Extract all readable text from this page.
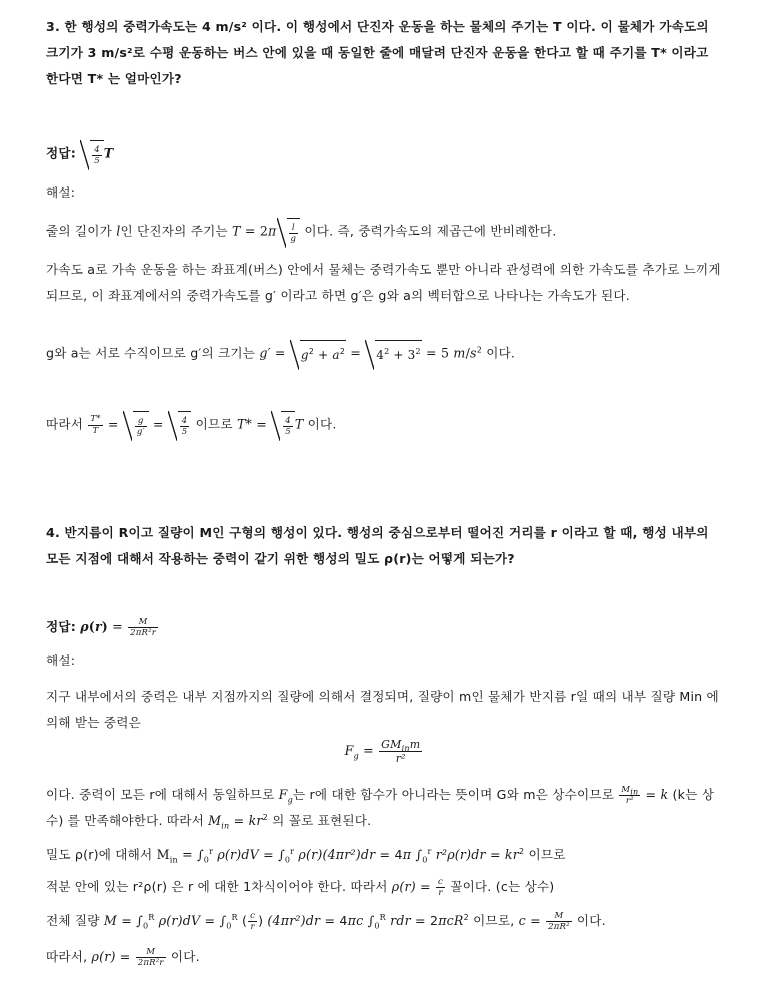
3. 한 행성의 중력가속도는 4 m/s² 이다. 이 행성에서 단진자 운동을 하는 물체의 주기는 T 이다. 이 물체가 가속도의 크기가 3 m/s²로 수평 운동하는 버스 안에 있을 때 동일한 줄에 매달려 단진자 운동을 한다고 할 때 주기를 T* 이라고 한다면 T* 는 얼마인가?
정답: $\frac{4}{5}$ T
해설:
줄의 길이가 l인 단진자의 주기는 $T = 2\pi \frac{l}{g}$ 이다. 즉, 중력가속도의 제곱근에 반비례한다.
가속도 a로 가속 운동을 하는 좌표계(버스) 안에서 물체는 중력가속도 뿐만 아니라 관성력에 의한 가속도를 추가로 느끼게 되므로, 이 좌표계에서의 중력가속도를 g′ 이라고 하면 g′은 g와 a의 벡터합으로 나타나는 가속도가 된다.
g와 a는 서로 수직이므로 g′의 크기는 $g' = g^2 + a^2 = 4^2 + 3^2 = 5$ $m/s^2$ 이다.
따라서 $\frac{T*}{T} = \frac{g}{g'} = \frac{4}{5}$ 이므로 $T* = \frac{4}{5}$ T 이다.
4. 반지름이 R이고 질량이 M인 구형의 행성이 있다. 행성의 중심으로부터 떨어진 거리를 r 이라고 할 때, 행성 내부의 모든 지점에 대해서 작용하는 중력이 같기 위한 행성의 밀도 ρ(r)는 어떻게 되는가?
정답: $\rho(r) = \frac{M}{\text{2πR²r}}$
해설:
지구 내부에서의 중력은 내부 지점까지의 질량에 의해서 결정되며, 질량이 m인 물체가 반지름 r일 때의 내부 질량 Min 에 의해 받는 중력은
$F_g = \frac{GM_{in}m}{\text{r²}}$
이다. 중력이 모든 r에 대해서 동일하므로 $F_g$는 r에 대한 함수가 아니라는 뜻이며 G와 m은 상수이므로 $\frac{M_{in}}{\text{r²}} = k$ (k는 상수) 를 만족해야한다. 따라서 $M_{in} = kr^2$ 의 꼴로 표현된다.
밀도 ρ(r)에 대해서 $M_{in} = \int_0^r$ $\rho(r)dV = \int_0^r$ ρ(r)(4πr²)dr = 4π $\int_0^r$ $r^2\rho(r)dr = kr^2$ 이므로
적분 안에 있는 r²ρ(r) 은 r 에 대한 1차식이어야 한다. 따라서 $\rho(r) = \frac{c}{r}$ 꼴이다. (c는 상수)
전체 질량 $M = \int_0^R$ $\rho(r)dV = \int_0^R$ ( $\frac{c}{r}$ ) (4πr²)dr = 4πc $\int_0^R$ rdr = 2πcR$^2$ 이므로, $c = \frac{M}{\text{2πR²}}$ 이다.
따라서, $\rho(r) = \frac{M}{\text{2πR²r}}$ 이다.
